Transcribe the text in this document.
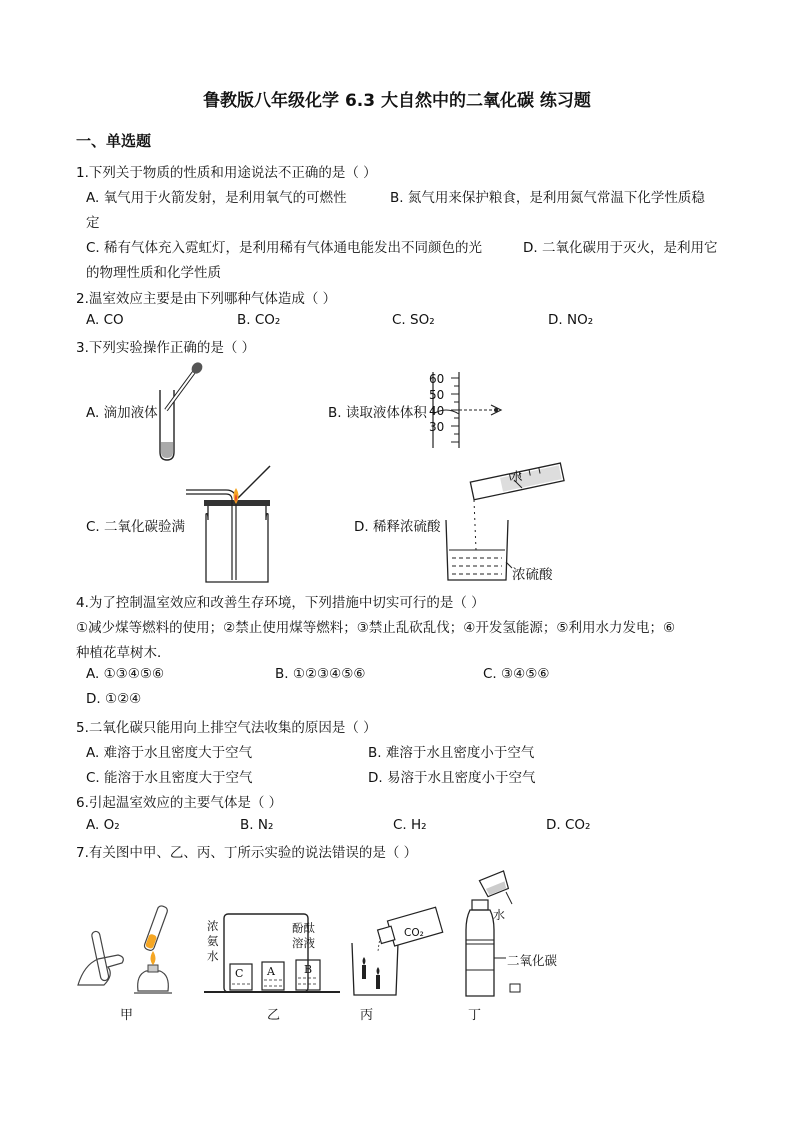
鲁教版八年级化学 6.3 大自然中的二氧化碳 练习题
一、单选题
1.下列关于物质的性质和用途说法不正确的是（ ）
A. 氧气用于火箭发射，是利用氧气的可燃性	B. 氮气用来保护粮食，是利用氮气常温下化学性质稳
定
C. 稀有气体充入霓虹灯，是利用稀有气体通电能发出不同颜色的光	D. 二氧化碳用于灭火，是利用它
的物理性质和化学性质
2.温室效应主要是由下列哪种气体造成（ ）
A. CO	B. CO₂	C. SO₂	D. NO₂
3.下列实验操作正确的是（ ）
A. 滴加液体	B. 读取液体体积
C. 二氧化碳验满	D. 稀释浓硫酸
60
50
40
30
水
浓硫酸
4.为了控制温室效应和改善生存环境，下列措施中切实可行的是（ ）
①减少煤等燃料的使用；②禁止使用煤等燃料；③禁止乱砍乱伐；④开发氢能源；⑤利用水力发电；⑥
种植花草树木．
A. ①③④⑤⑥	B. ①②③④⑤⑥	C. ③④⑤⑥
D. ①②④
5.二氧化碳只能用向上排空气法收集的原因是（ ）
A. 难溶于水且密度大于空气	B. 难溶于水且密度小于空气
C. 能溶于水且密度大于空气	D. 易溶于水且密度小于空气
6.引起温室效应的主要气体是（ ）
A. O₂	B. N₂	C. H₂	D. CO₂
7.有关图中甲、乙、丙、丁所示实验的说法错误的是（ ）
浓
氨
水
酚酞
溶液
C A	B
CO₂
水
二氧化碳
甲	乙	丙	丁
